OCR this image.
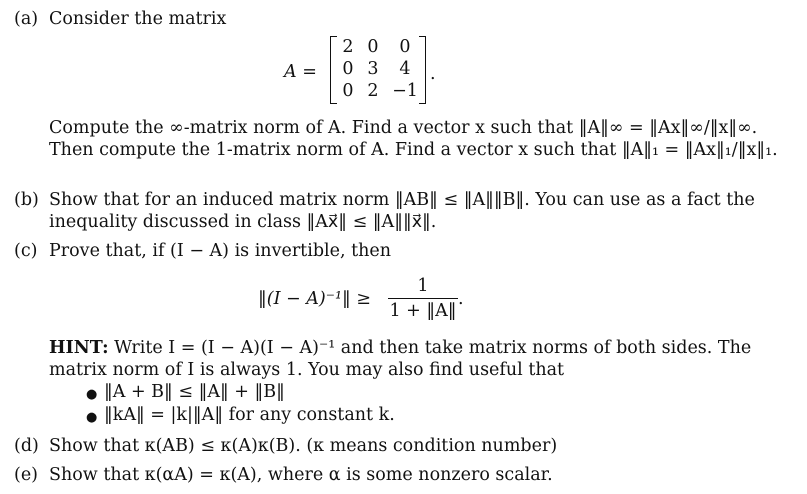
(a) Consider the matrix
A =
2 0	0
0 3	4
0 2 −1
.
Compute the ∞-matrix norm of A. Find a vector x such that ‖A‖∞ = ‖Ax‖∞/‖x‖∞.
Then compute the 1-matrix norm of A. Find a vector x such that ‖A‖₁ = ‖Ax‖₁/‖x‖₁.
(b) Show that for an induced matrix norm ‖AB‖ ≤ ‖A‖‖B‖. You can use as a fact the
inequality discussed in class ‖Ax⃗‖ ≤ ‖A‖‖x⃗‖.
(c) Prove that, if (I − A) is invertible, then
‖(I − A)⁻¹‖ ≥
1
1 + ‖A‖
.
HINT: Write I = (I − A)(I − A)⁻¹ and then take matrix norms of both sides. The
matrix norm of I is always 1. You may also find useful that
● ‖A + B‖ ≤ ‖A‖ + ‖B‖
● ‖kA‖ = |k|‖A‖ for any constant k.
(d) Show that κ(AB) ≤ κ(A)κ(B). (κ means condition number)
(e) Show that κ(αA) = κ(A), where α is some nonzero scalar.
